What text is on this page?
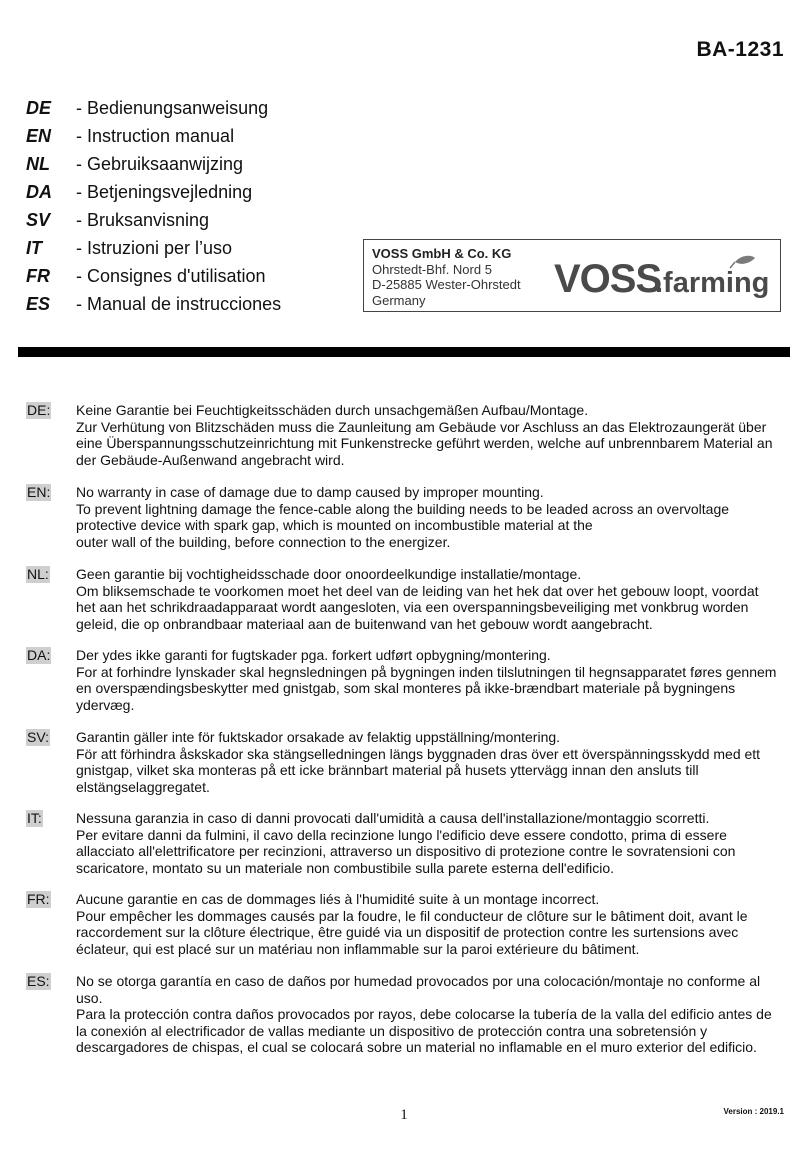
BA-1231
DE	- Bedienungsanweisung
EN	- Instruction manual
NL	- Gebruiksaanwijzing
DA	- Betjeningsvejledning
SV	- Bruksanvisning
IT	- Istruzioni per l’uso
FR	- Consignes d'utilisation
ES	- Manual de instrucciones
VOSS GmbH & Co. KG
Ohrstedt-Bhf. Nord 5
D-25885 Wester-Ohrstedt
Germany	VOSS
.farming
DE: Keine Garantie bei Feuchtigkeitsschäden durch unsachgemäßen Aufbau/Montage.

Zur Verhütung von Blitzschäden muss die Zaunleitung am Gebäude vor Aschluss an das Elektrozaungerät über

eine Überspannungsschutzeinrichtung mit Funkenstrecke geführt werden, welche auf unbrennbarem Material an

der Gebäude-Außenwand angebracht wird.

EN: No warranty in case of damage due to damp caused by improper mounting.

To prevent lightning damage the fence-cable along the building needs to be leaded across an overvoltage

protective device with spark gap, which is mounted on incombustible material at the

outer wall of the building, before connection to the energizer.

NL: Geen garantie bij vochtigheidsschade door onoordeelkundige installatie/montage.

Om bliksemschade te voorkomen moet het deel van de leiding van het hek dat over het gebouw loopt, voordat

het aan het schrikdraadapparaat wordt aangesloten, via een overspanningsbeveiliging met vonkbrug worden

geleid, die op onbrandbaar materiaal aan de buitenwand van het gebouw wordt aangebracht.

DA: Der ydes ikke garanti for fugtskader pga. forkert udført opbygning/montering.

For at forhindre lynskader skal hegnsledningen på bygningen inden tilslutningen til hegnsapparatet føres gennem

en overspændingsbeskytter med gnistgab, som skal monteres på ikke-brændbart materiale på bygningens

ydervæg.

SV: Garantin gäller inte för fuktskador orsakade av felaktig uppställning/montering.

För att förhindra åskskador ska stängselledningen längs byggnaden dras över ett överspänningsskydd med ett

gnistgap, vilket ska monteras på ett icke brännbart material på husets yttervägg innan den ansluts till

elstängselaggregatet.

IT: Nessuna garanzia in caso di danni provocati dall'umidità a causa dell'installazione/montaggio scorretti.

Per evitare danni da fulmini, il cavo della recinzione lungo l'edificio deve essere condotto, prima di essere

allacciato all'elettrificatore per recinzioni, attraverso un dispositivo di protezione contre le sovratensioni con

scaricatore, montato su un materiale non combustibile sulla parete esterna dell'edificio.

FR: Aucune garantie en cas de dommages liés à l'humidité suite à un montage incorrect.

Pour empêcher les dommages causés par la foudre, le fil conducteur de clôture sur le bâtiment doit, avant le

raccordement sur la clôture électrique, être guidé via un dispositif de protection contre les surtensions avec

éclateur, qui est placé sur un matériau non inflammable sur la paroi extérieure du bâtiment.

ES: No se otorga garantía en caso de daños por humedad provocados por una colocación/montaje no conforme al

uso.

Para la protección contra daños provocados por rayos, debe colocarse la tubería de la valla del edificio antes de

la conexión al electrificador de vallas mediante un dispositivo de protección contra una sobretensión y

descargadores de chispas, el cual se colocará sobre un material no inflamable en el muro exterior del edificio.

1	Version : 2019.1
